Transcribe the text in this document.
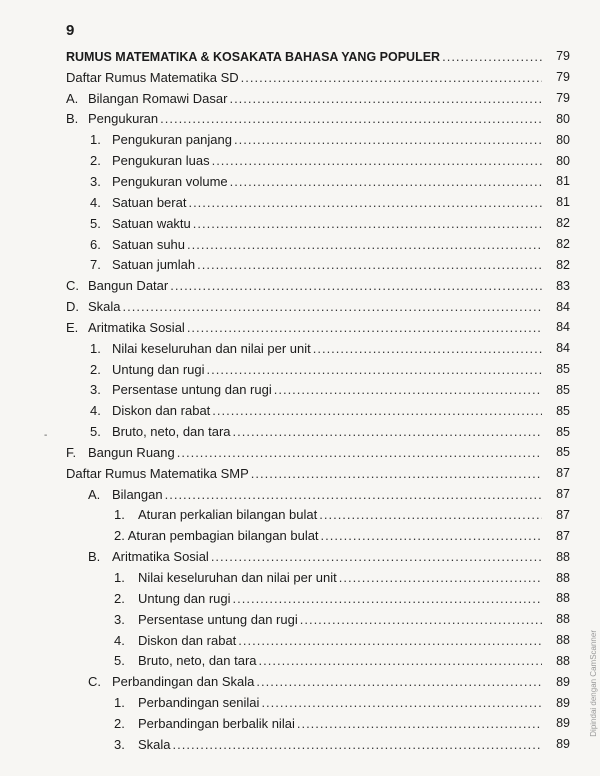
9
RUMUS MATEMATIKA & KOSAKATA BAHASA YANG POPULER .....	79
Daftar Rumus Matematika SD .....	79
A. Bilangan Romawi Dasar .....	79
B. Pengukuran .....	80
1. Pengukuran panjang .....	80
2. Pengukuran luas .....	80
3. Pengukuran volume .....	81
4. Satuan berat .....	81
5. Satuan waktu .....	82
6. Satuan suhu .....	82
7. Satuan jumlah .....	82
C. Bangun Datar .....	83
D. Skala .....	84
E. Aritmatika Sosial .....	84
1. Nilai keseluruhan dan nilai per unit .....	84
2. Untung dan rugi .....	85
3. Persentase untung dan rugi .....	85
4. Diskon dan rabat .....	85
5. Bruto, neto, dan tara .....	85
F. Bangun Ruang .....	85
Daftar Rumus Matematika SMP .....	87
A. Bilangan .....	87
1.	Aturan perkalian bilangan bulat .....	87
2. Aturan pembagian bilangan bulat .....	87
B. Aritmatika Sosial .....	88
1.	Nilai keseluruhan dan nilai per unit .....	88
2.	Untung dan rugi .....	88
3.	Persentase untung dan rugi .....	88
4.	Diskon dan rabat .....	88
5.	Bruto, neto, dan tara .....	88
C. Perbandingan dan Skala .....	89
1.	Perbandingan senilai .....	89
2.	Perbandingan berbalik nilai .....	89
3.	Skala .....	89
-
Dipindai dengan CamScanner
